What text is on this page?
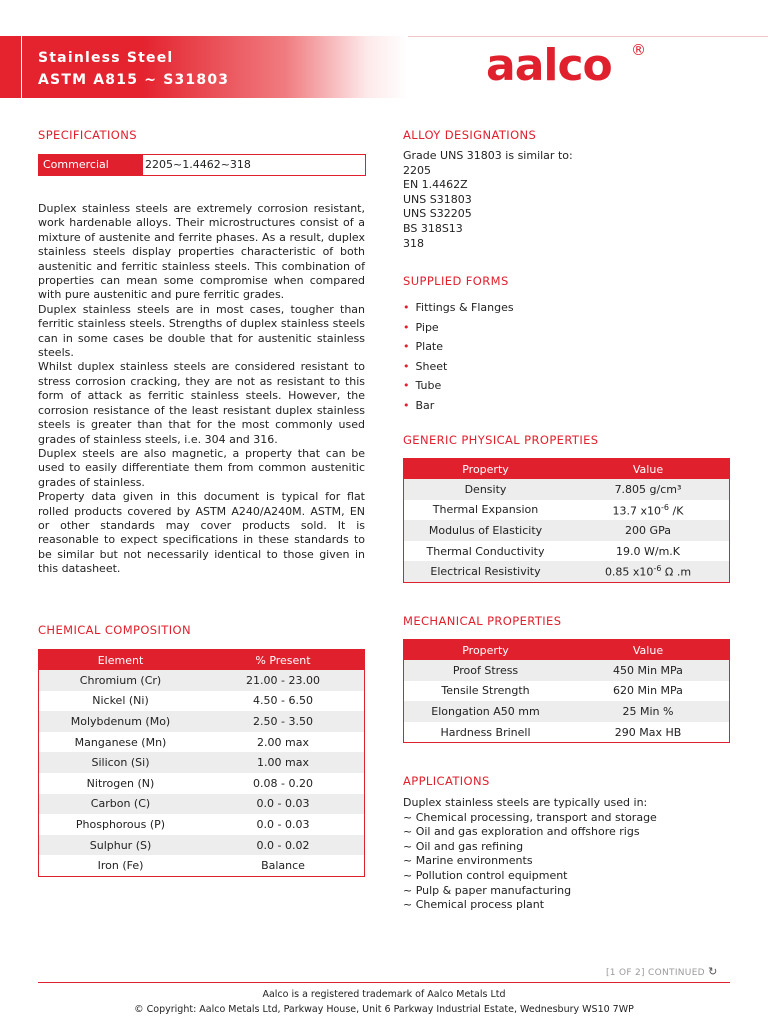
Stainless Steel
ASTM A815 ~ S31803	aalco ®
SPECIFICATIONS
Commercial	2205~1.4462~318

Duplex stainless steels are extremely corrosion resistant, work hardenable alloys. Their microstructures consist of a mixture of austenite and ferrite phases. As a result, duplex stainless steels display properties characteristic of both austenitic and ferritic stainless steels. This combination of properties can mean some compromise when compared with pure austenitic and pure ferritic grades.

Duplex stainless steels are in most cases, tougher than ferritic stainless steels. Strengths of duplex stainless steels can in some cases be double that for austenitic stainless steels.

Whilst duplex stainless steels are considered resistant to stress corrosion cracking, they are not as resistant to this form of attack as ferritic stainless steels. However, the corrosion resistance of the least resistant duplex stainless steels is greater than that for the most commonly used grades of stainless steels, i.e. 304 and 316.

Duplex steels are also magnetic, a property that can be used to easily differentiate them from common austenitic grades of stainless.

Property data given in this document is typical for flat rolled products covered by ASTM A240/A240M. ASTM, EN or other standards may cover products sold. It is reasonable to expect specifications in these standards to be similar but not necessarily identical to those given in this datasheet.

CHEMICAL COMPOSITION
Element	% Present
Chromium (Cr)	21.00 - 23.00
Nickel (Ni)	4.50 - 6.50
Molybdenum (Mo)	2.50 - 3.50
Manganese (Mn)	2.00 max
Silicon (Si)	1.00 max
Nitrogen (N)	0.08 - 0.20
Carbon (C)	0.0 - 0.03
Phosphorous (P)	0.0 - 0.03
Sulphur (S)	0.0 - 0.02
Iron (Fe)	Balance
ALLOY DESIGNATIONS
Grade UNS 31803 is similar to:
2205
EN 1.4462Z
UNS S31803
UNS S32205
BS 318S13
318
SUPPLIED FORMS
• Fittings & Flanges
• Pipe
• Plate
• Sheet
• Tube
• Bar
GENERIC PHYSICAL PROPERTIES
Property	Value
Density	7.805 g/cm³
Thermal Expansion	13.7 $x10^{-6}$ /K
Modulus of Elasticity	200 GPa
Thermal Conductivity	19.0 W/m.K
Electrical Resistivity	0.85 $x10^{-6}$ Ω .m
MECHANICAL PROPERTIES
Property	Value
Proof Stress	450 Min MPa
Tensile Strength	620 Min MPa
Elongation A50 mm	25 Min %
Hardness Brinell	290 Max HB
APPLICATIONS
Duplex stainless steels are typically used in:
~ Chemical processing, transport and storage
~ Oil and gas exploration and offshore rigs
~ Oil and gas refining
~ Marine environments
~ Pollution control equipment
~ Pulp & paper manufacturing
~ Chemical process plant
[1 OF 2] CONTINUED ↻
Aalco is a registered trademark of Aalco Metals Ltd
© Copyright: Aalco Metals Ltd, Parkway House, Unit 6 Parkway Industrial Estate, Wednesbury WS10 7WP
